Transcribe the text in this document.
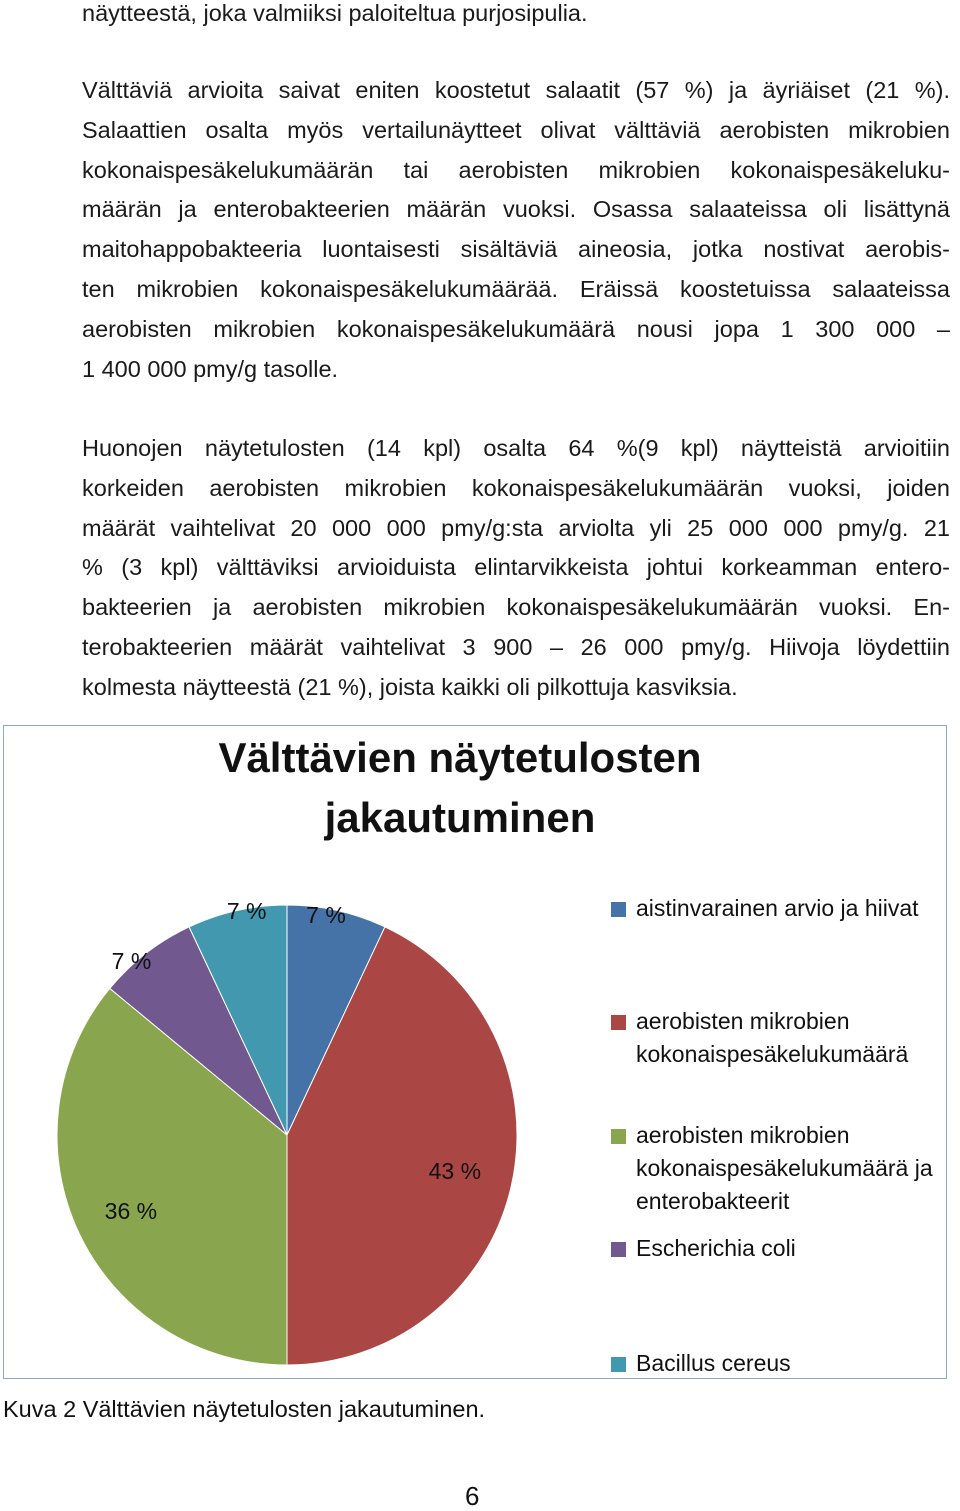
näytteestä, joka valmiiksi paloiteltua purjosipulia.
Välttäviä arvioita saivat eniten koostetut salaatit (57 %) ja äyriäiset (21 %).
Salaattien osalta myös vertailunäytteet olivat välttäviä aerobisten mikrobien
kokonaispesäkelukumäärän tai aerobisten mikrobien kokonaispesäkeluku-
määrän ja enterobakteerien määrän vuoksi. Osassa salaateissa oli lisättynä
maitohappobakteeria luontaisesti sisältäviä aineosia, jotka nostivat aerobis-
ten mikrobien kokonaispesäkelukumäärää. Eräissä koostetuissa salaateissa
aerobisten mikrobien kokonaispesäkelukumäärä nousi jopa 1 300 000 –
1 400 000 pmy/g tasolle.
Huonojen näytetulosten (14 kpl) osalta 64 %(9 kpl) näytteistä arvioitiin
korkeiden aerobisten mikrobien kokonaispesäkelukumäärän vuoksi, joiden
määrät vaihtelivat 20 000 000 pmy/g:sta arviolta yli 25 000 000 pmy/g. 21
% (3 kpl) välttäviksi arvioiduista elintarvikkeista johtui korkeamman entero-
bakteerien ja aerobisten mikrobien kokonaispesäkelukumäärän vuoksi. En-
terobakteerien määrät vaihtelivat 3 900 – 26 000 pmy/g. Hiivoja löydettiin
kolmesta näytteestä (21 %), joista kaikki oli pilkottuja kasviksia.
Välttävien näytetulosten jakautuminen
aistinvarainen arvio ja hiivat
aerobisten mikrobien kokonaispesäkelukumäärä
aerobisten mikrobien kokonaispesäkelukumäärä ja enterobakteerit
Escherichia coli
Bacillus cereus
7 %
43 %
36 %
7 %
7 %
Kuva 2 Välttävien näytetulosten jakautuminen.
6
